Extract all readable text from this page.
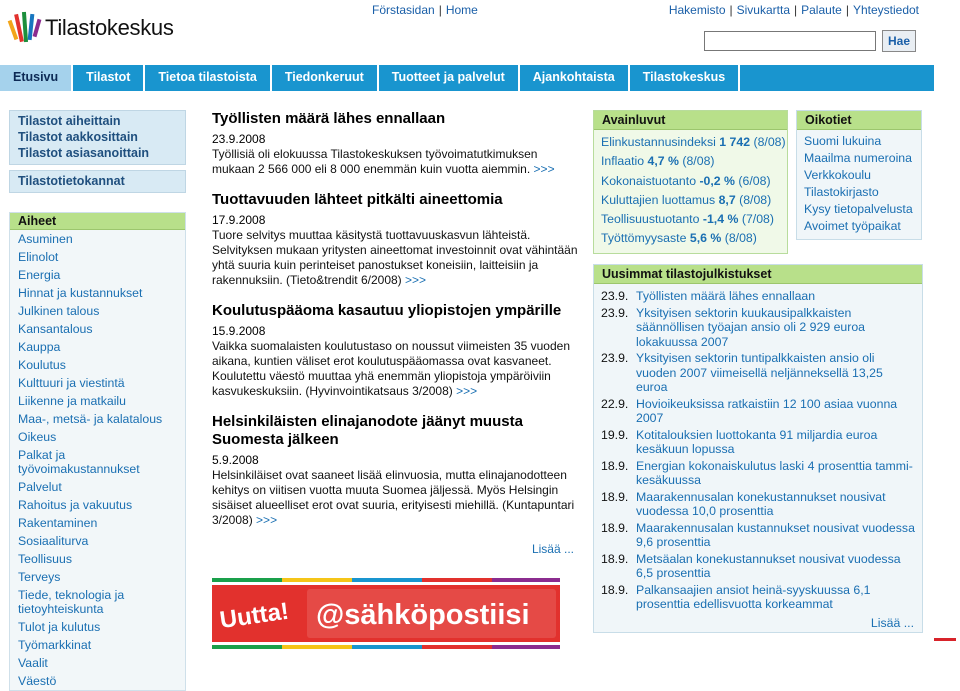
Tilastokeskus
Förstasidan | Home	Hakemisto | Sivukartta | Palaute | Yhteystiedot
Hae
Etusivu	Tilastot	Tietoa tilastoista	Tiedonkeruut	Tuotteet ja palvelut	Ajankohtaista	Tilastokeskus
Tilastot aiheittain
Tilastot aakkosittain
Tilastot asiasanoittain
Tilastotietokannat
Aiheet
Asuminen
Elinolot
Energia
Hinnat ja kustannukset
Julkinen talous
Kansantalous
Kauppa
Koulutus
Kulttuuri ja viestintä
Liikenne ja matkailu
Maa-, metsä- ja kalatalous
Oikeus
Palkat ja työvoimakustannukset
Palvelut
Rahoitus ja vakuutus
Rakentaminen
Sosiaaliturva
Teollisuus
Terveys
Tiede, teknologia ja tietoyhteiskunta
Tulot ja kulutus
Työmarkkinat
Vaalit
Väestö
Työllisten määrä lähes ennallaan
23.9.2008
Työllisiä oli elokuussa Tilastokeskuksen työvoimatutkimuksen mukaan 2 566 000 eli 8 000 enemmän kuin vuotta aiemmin. >>>
Tuottavuuden lähteet pitkälti aineettomia
17.9.2008
Tuore selvitys muuttaa käsitystä tuottavuuskasvun lähteistä. Selvityksen mukaan yritysten aineettomat investoinnit ovat vähintään yhtä suuria kuin perinteiset panostukset koneisiin, laitteisiin ja rakennuksiin. (Tieto&trendit 6/2008) >>>
Koulutuspääoma kasautuu yliopistojen ympärille
15.9.2008
Vaikka suomalaisten koulutustaso on noussut viimeisten 35 vuoden aikana, kuntien väliset erot koulutuspääomassa ovat kasvaneet. Koulutettu väestö muuttaa yhä enemmän yliopistoja ympäröiviin kasvukeskuksiin. (Hyvinvointikatsaus 3/2008) >>>
Helsinkiläisten elinajanodote jäänyt muusta Suomesta jälkeen
5.9.2008
Helsinkiläiset ovat saaneet lisää elinvuosia, mutta elinajanodotteen kehitys on viitisen vuotta muuta Suomea jäljessä. Myös Helsingin sisäiset alueelliset erot ovat suuria, erityisesti miehillä. (Kuntapuntari 3/2008) >>>
Lisää ...
Uutta! @sähköpostiisi
Avainluvut
Elinkustannusindeksi 1 742 (8/08)
Inflaatio 4,7 % (8/08)
Kokonaistuotanto -0,2 % (6/08)
Kuluttajien luottamus 8,7 (8/08)
Teollisuustuotanto -1,4 % (7/08)
Työttömyysaste 5,6 % (8/08)
Oikotiet
Suomi lukuina
Maailma numeroina
Verkkokoulu
Tilastokirjasto
Kysy tietopalvelusta
Avoimet työpaikat
Uusimmat tilastojulkistukset
23.9. Työllisten määrä lähes ennallaan
23.9. Yksityisen sektorin kuukausipalkkaisten säännöllisen työajan ansio oli 2 929 euroa lokakuussa 2007
23.9. Yksityisen sektorin tuntipalkkaisten ansio oli vuoden 2007 viimeisellä neljänneksellä 13,25 euroa
22.9. Hovioikeuksissa ratkaistiin 12 100 asiaa vuonna 2007
19.9. Kotitalouksien luottokanta 91 miljardia euroa kesäkuun lopussa
18.9. Energian kokonaiskulutus laski 4 prosenttia tammi-kesäkuussa
18.9. Maarakennusalan konekustannukset nousivat vuodessa 10,0 prosenttia
18.9. Maarakennusalan kustannukset nousivat vuodessa 9,6 prosenttia
18.9. Metsäalan konekustannukset nousivat vuodessa 6,5 prosenttia
18.9. Palkansaajien ansiot heinä-syyskuussa 6,1 prosenttia edellisvuotta korkeammat
Lisää ...
